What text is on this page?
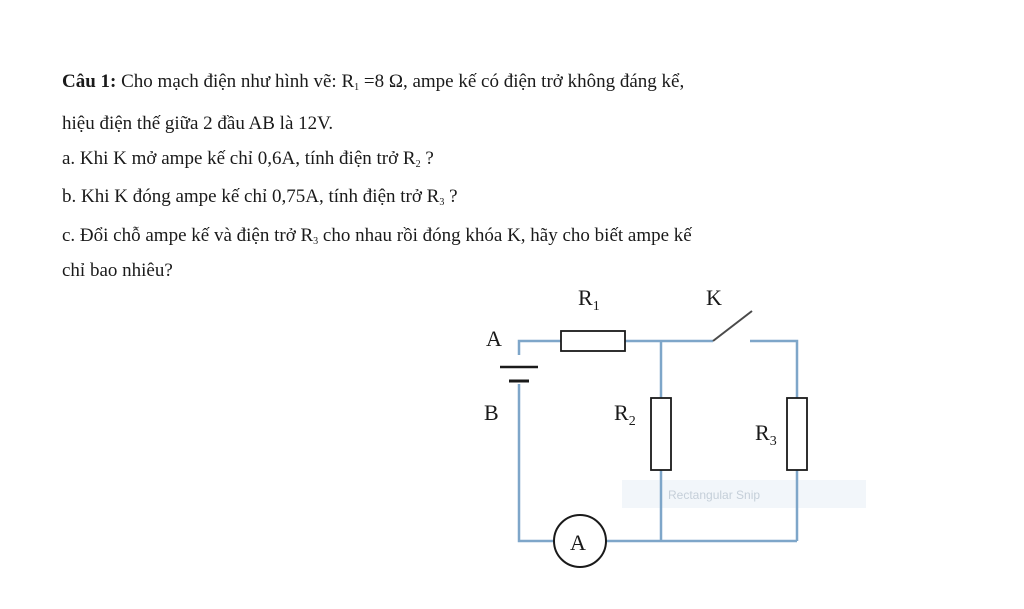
Câu 1: Cho mạch điện như hình vẽ: $R_1 =8$ Ω, ampe kế có điện trở không đáng kể,
hiệu điện thế giữa 2 đầu AB là 12V.
a. Khi K mở ampe kế chỉ 0,6A, tính điện trở $R_2$ ?
b. Khi K đóng ampe kế chỉ 0,75A, tính điện trở $R_3$ ?
c. Đổi chỗ ampe kế và điện trở $R_3$ cho nhau rồi đóng khóa K, hãy cho biết ampe kế
chỉ bao nhiêu?
Rectangular Snip
A
A
B
$R_1$	K
$R_2$	$R_3$
